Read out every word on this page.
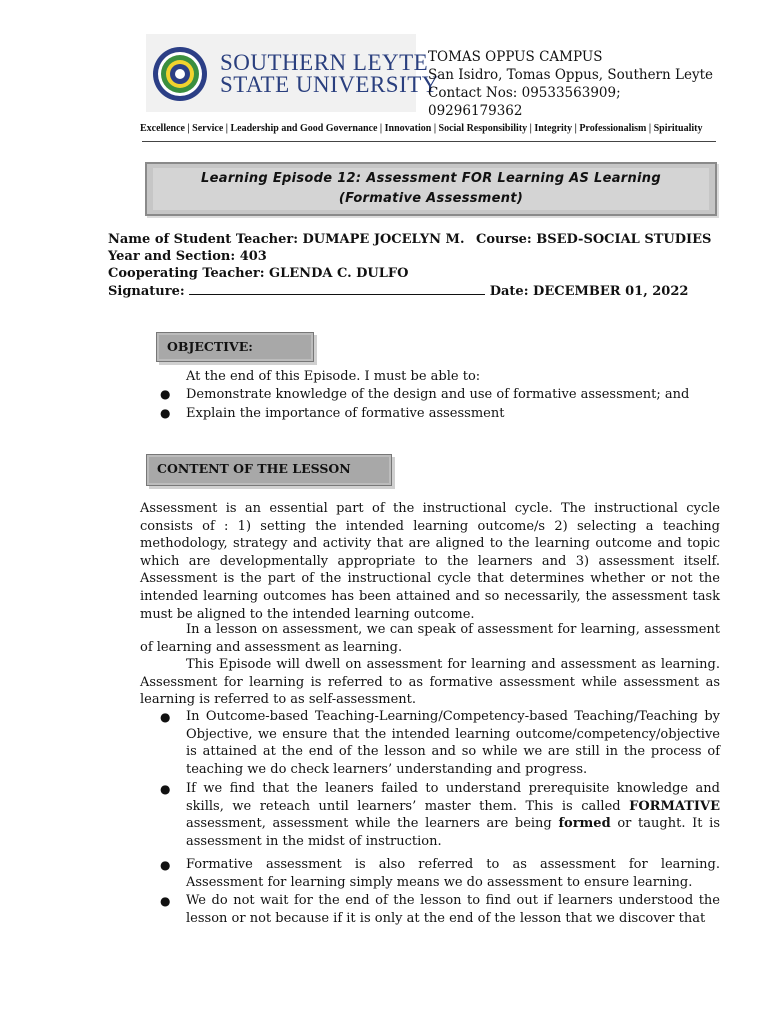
SOUTHERN LEYTE
STATE UNIVERSITY
TOMAS OPPUS CAMPUS
San Isidro, Tomas Oppus, Southern Leyte
Contact Nos: 09533563909;
09296179362
Excellence | Service | Leadership and Good Governance | Innovation | Social Responsibility | Integrity | Professionalism | Spirituality
Learning Episode 12: Assessment FOR Learning AS Learning (Formative Assessment)
Name of Student Teacher: DUMAPE JOCELYN M. Course: BSED-SOCIAL STUDIES
Year and Section: 403
Cooperating Teacher: GLENDA C. DULFO
Signature:	Date: DECEMBER 01, 2022
OBJECTIVE:
At the end of this Episode. I must be able to:
● Demonstrate knowledge of the design and use of formative assessment; and
● Explain the importance of formative assessment
CONTENT OF THE LESSON
Assessment is an essential part of the instructional cycle. The instructional cycle consists of : 1) setting the intended learning outcome/s 2) selecting a teaching methodology, strategy and activity that are aligned to the learning outcome and topic which are developmentally appropriate to the learners and 3) assessment itself. Assessment is the part of the instructional cycle that determines whether or not the intended learning outcomes has been attained and so necessarily, the assessment task must be aligned to the intended learning outcome.
In a lesson on assessment, we can speak of assessment for learning, assessment of learning and assessment as learning.
This Episode will dwell on assessment for learning and assessment as learning. Assessment for learning is referred to as formative assessment while assessment as learning is referred to as self-assessment.
● In Outcome-based Teaching-Learning/Competency-based Teaching/Teaching by Objective, we ensure that the intended learning outcome/competency/objective is attained at the end of the lesson and so while we are still in the process of teaching we do check learners’ understanding and progress.
● If we find that the leaners failed to understand prerequisite knowledge and skills, we reteach until learners’ master them. This is called FORMATIVE assessment, assessment while the learners are being formed or taught. It is assessment in the midst of instruction.
● Formative assessment is also referred to as assessment for learning. Assessment for learning simply means we do assessment to ensure learning.
● We do not wait for the end of the lesson to find out if learners understood the lesson or not because if it is only at the end of the lesson that we discover that
